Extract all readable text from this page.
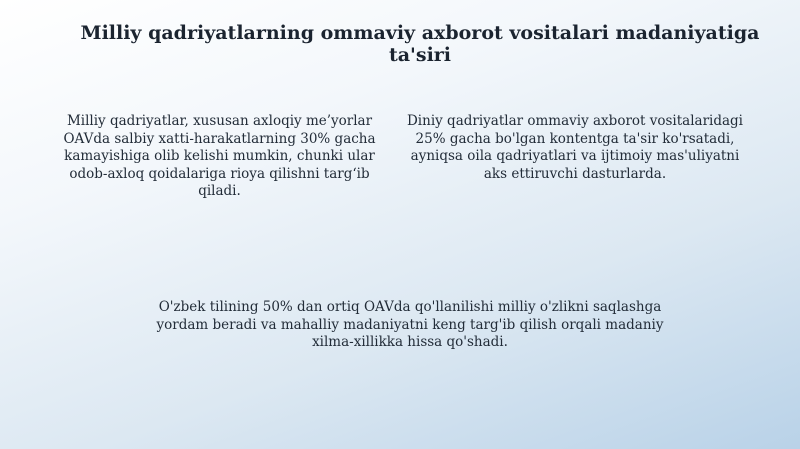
Milliy qadriyatlarning ommaviy axborot vositalari madaniyatiga ta'siri

Milliy qadriyatlar, xususan axloqiy me’yorlar OAVda salbiy xatti-harakatlarning 30% gacha kamayishiga olib kelishi mumkin, chunki ular odob-axloq qoidalariga rioya qilishni targ‘ib qiladi.

Diniy qadriyatlar ommaviy axborot vositalaridagi 25% gacha bo'lgan kontentga ta'sir ko'rsatadi, ayniqsa oila qadriyatlari va ijtimoiy mas'uliyatni aks ettiruvchi dasturlarda.

O'zbek tilining 50% dan ortiq OAVda qo'llanilishi milliy o'zlikni saqlashga yordam beradi va mahalliy madaniyatni keng targ'ib qilish orqali madaniy xilma-xillikka hissa qo'shadi.
